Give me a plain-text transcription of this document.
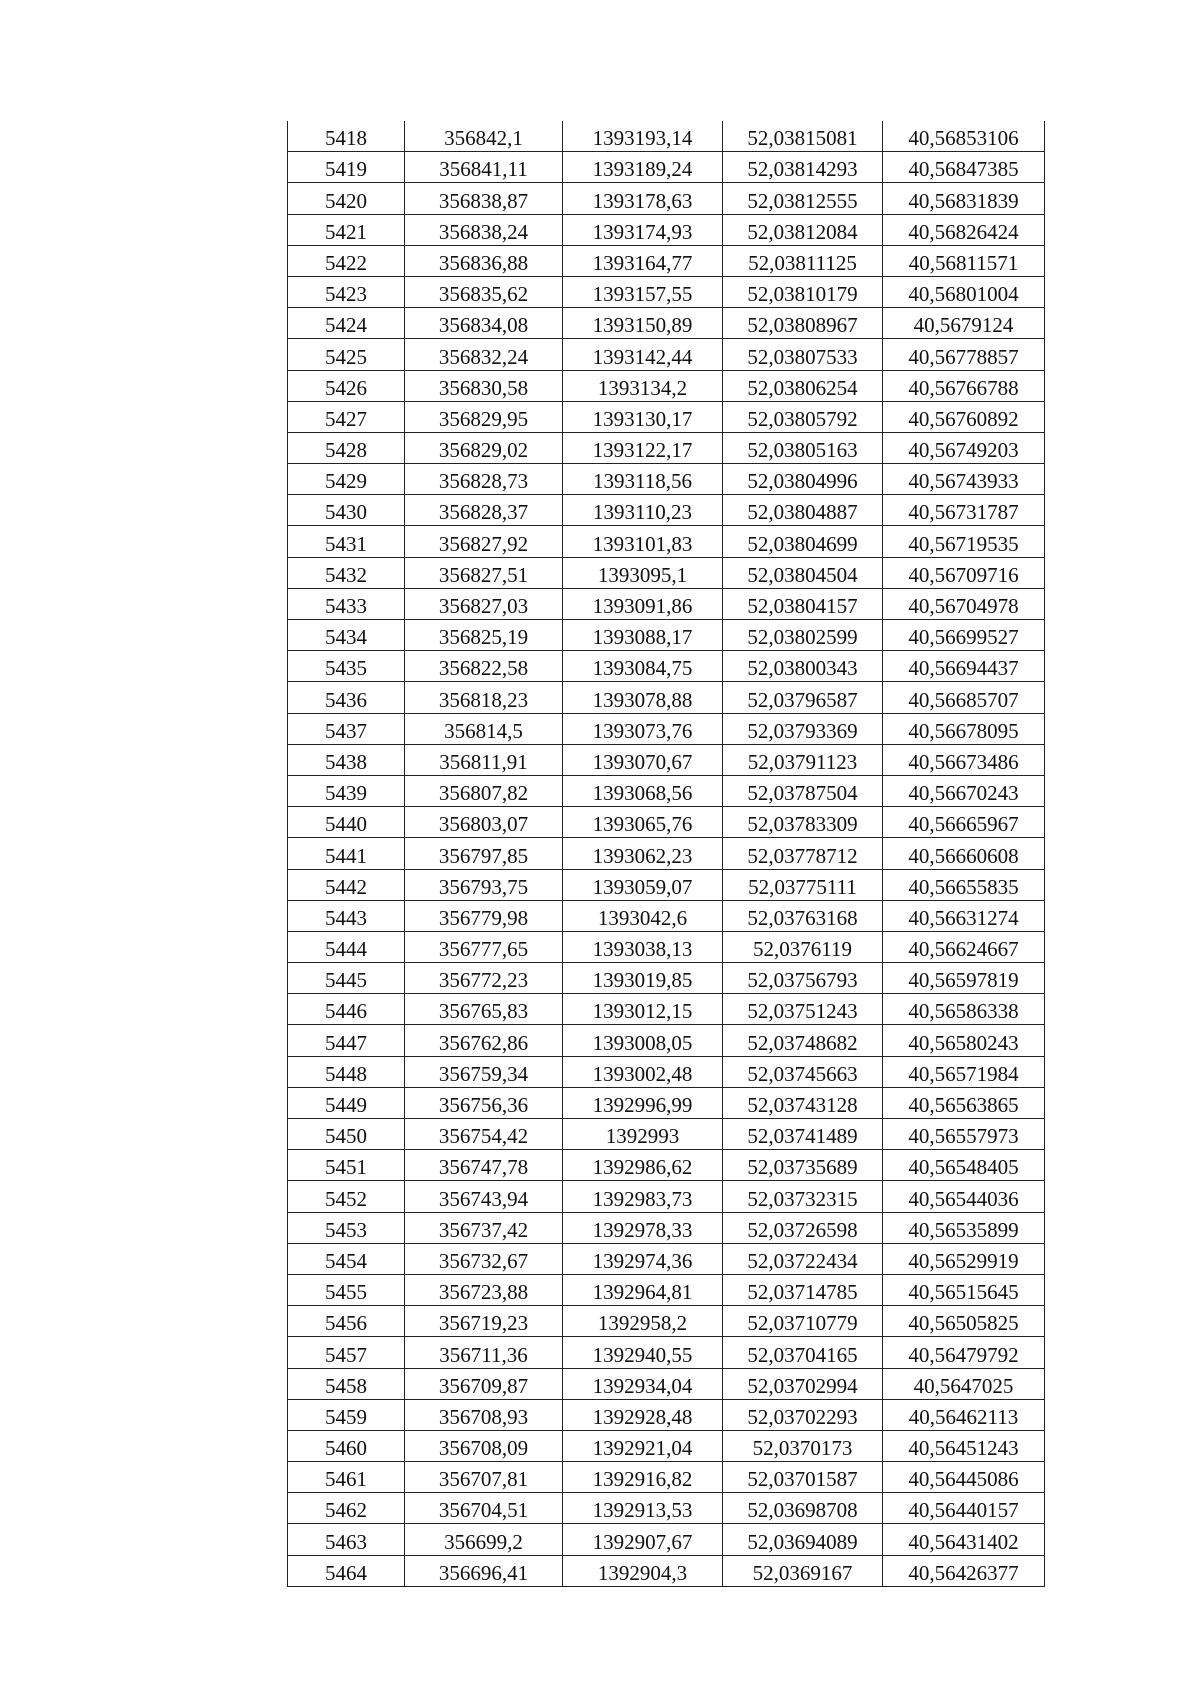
5418	356842,1	1393193,14	52,03815081	40,56853106
5419	356841,11	1393189,24	52,03814293	40,56847385
5420	356838,87	1393178,63	52,03812555	40,56831839
5421	356838,24	1393174,93	52,03812084	40,56826424
5422	356836,88	1393164,77	52,03811125	40,56811571
5423	356835,62	1393157,55	52,03810179	40,56801004
5424	356834,08	1393150,89	52,03808967	40,5679124
5425	356832,24	1393142,44	52,03807533	40,56778857
5426	356830,58	1393134,2	52,03806254	40,56766788
5427	356829,95	1393130,17	52,03805792	40,56760892
5428	356829,02	1393122,17	52,03805163	40,56749203
5429	356828,73	1393118,56	52,03804996	40,56743933
5430	356828,37	1393110,23	52,03804887	40,56731787
5431	356827,92	1393101,83	52,03804699	40,56719535
5432	356827,51	1393095,1	52,03804504	40,56709716
5433	356827,03	1393091,86	52,03804157	40,56704978
5434	356825,19	1393088,17	52,03802599	40,56699527
5435	356822,58	1393084,75	52,03800343	40,56694437
5436	356818,23	1393078,88	52,03796587	40,56685707
5437	356814,5	1393073,76	52,03793369	40,56678095
5438	356811,91	1393070,67	52,03791123	40,56673486
5439	356807,82	1393068,56	52,03787504	40,56670243
5440	356803,07	1393065,76	52,03783309	40,56665967
5441	356797,85	1393062,23	52,03778712	40,56660608
5442	356793,75	1393059,07	52,03775111	40,56655835
5443	356779,98	1393042,6	52,03763168	40,56631274
5444	356777,65	1393038,13	52,0376119	40,56624667
5445	356772,23	1393019,85	52,03756793	40,56597819
5446	356765,83	1393012,15	52,03751243	40,56586338
5447	356762,86	1393008,05	52,03748682	40,56580243
5448	356759,34	1393002,48	52,03745663	40,56571984
5449	356756,36	1392996,99	52,03743128	40,56563865
5450	356754,42	1392993	52,03741489	40,56557973
5451	356747,78	1392986,62	52,03735689	40,56548405
5452	356743,94	1392983,73	52,03732315	40,56544036
5453	356737,42	1392978,33	52,03726598	40,56535899
5454	356732,67	1392974,36	52,03722434	40,56529919
5455	356723,88	1392964,81	52,03714785	40,56515645
5456	356719,23	1392958,2	52,03710779	40,56505825
5457	356711,36	1392940,55	52,03704165	40,56479792
5458	356709,87	1392934,04	52,03702994	40,5647025
5459	356708,93	1392928,48	52,03702293	40,56462113
5460	356708,09	1392921,04	52,0370173	40,56451243
5461	356707,81	1392916,82	52,03701587	40,56445086
5462	356704,51	1392913,53	52,03698708	40,56440157
5463	356699,2	1392907,67	52,03694089	40,56431402
5464	356696,41	1392904,3	52,0369167	40,56426377
